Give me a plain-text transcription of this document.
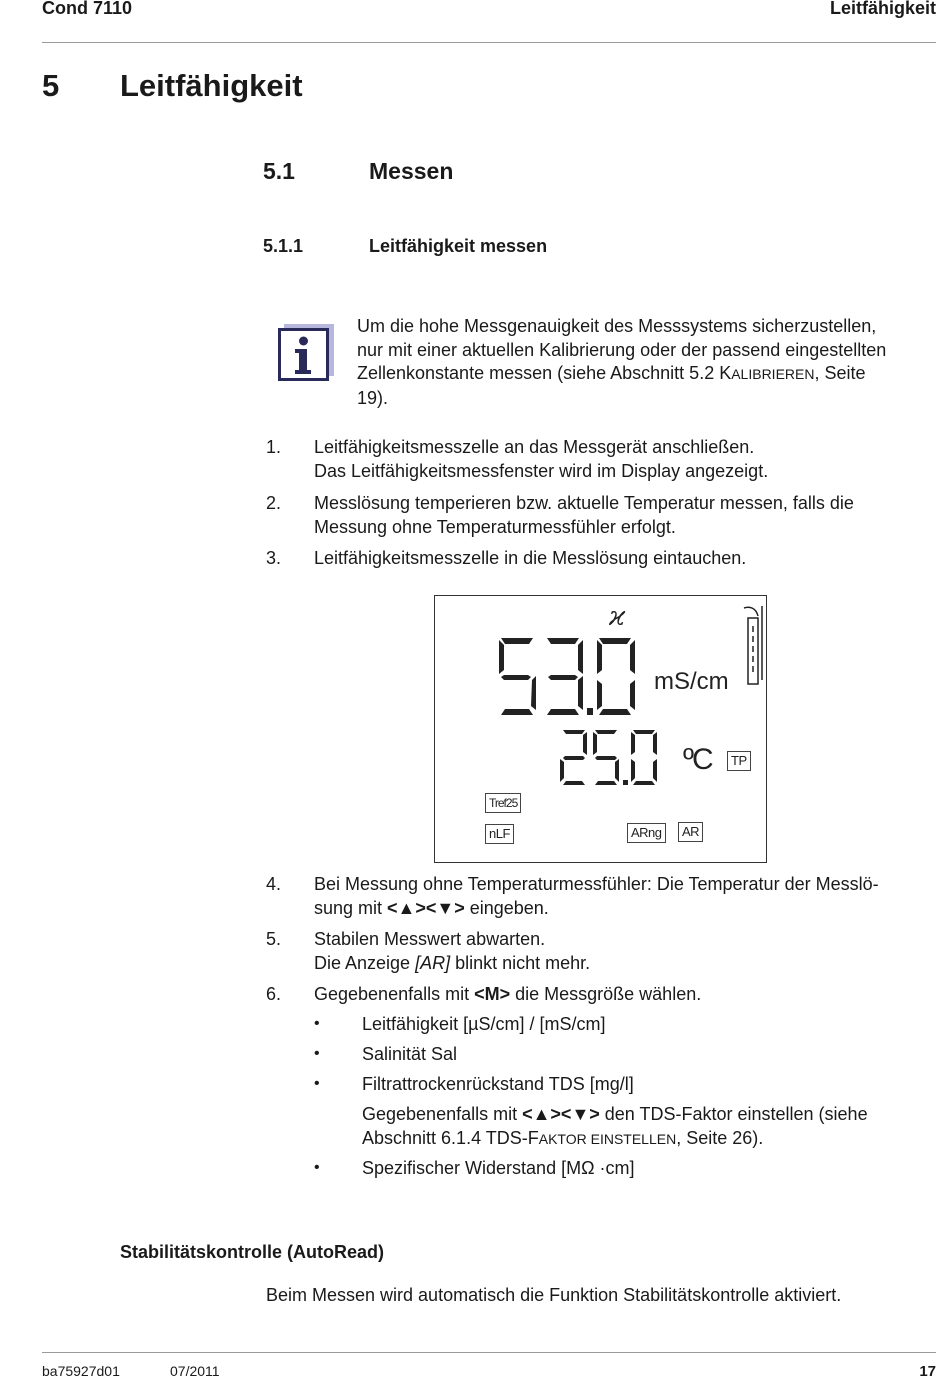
Cond 7110	Leitfähigkeit
5 Leitfähigkeit
5.1	Messen
5.1.1	Leitfähigkeit messen
Um die hohe Messgenauigkeit des Messsystems sicherzustellen,
nur mit einer aktuellen Kalibrierung oder der passend eingestellten
Zellenkonstante messen (siehe Abschnitt 5.2 KALIBRIEREN, Seite
19).
1. Leitfähigkeitsmesszelle an das Messgerät anschließen.
Das Leitfähigkeitsmessfenster wird im Display angezeigt.
2. Messlösung temperieren bzw. aktuelle Temperatur messen, falls die
Messung ohne Temperaturmessfühler erfolgt.
3. Leitfähigkeitsmesszelle in die Messlösung eintauchen.
ϰ
mS/cm
ºC	TP
Tref25
nLF	ARng	AR
4. Bei Messung ohne Temperaturmessfühler: Die Temperatur der Messlö-
sung mit <▲><▼> eingeben.
5. Stabilen Messwert abwarten.
Die Anzeige [AR] blinkt nicht mehr.
6. Gegebenenfalls mit <M> die Messgröße wählen.
• Leitfähigkeit [µS/cm] / [mS/cm]
• Salinität Sal
• Filtrattrockenrückstand TDS [mg/l]
Gegebenenfalls mit <▲><▼> den TDS-Faktor einstellen (siehe
Abschnitt 6.1.4 TDS-FAKTOR EINSTELLEN, Seite 26).
• Spezifischer Widerstand [MΩ ·cm]
Stabilitätskontrolle (AutoRead)
Beim Messen wird automatisch die Funktion Stabilitätskontrolle aktiviert.
ba75927d01	07/2011	17
